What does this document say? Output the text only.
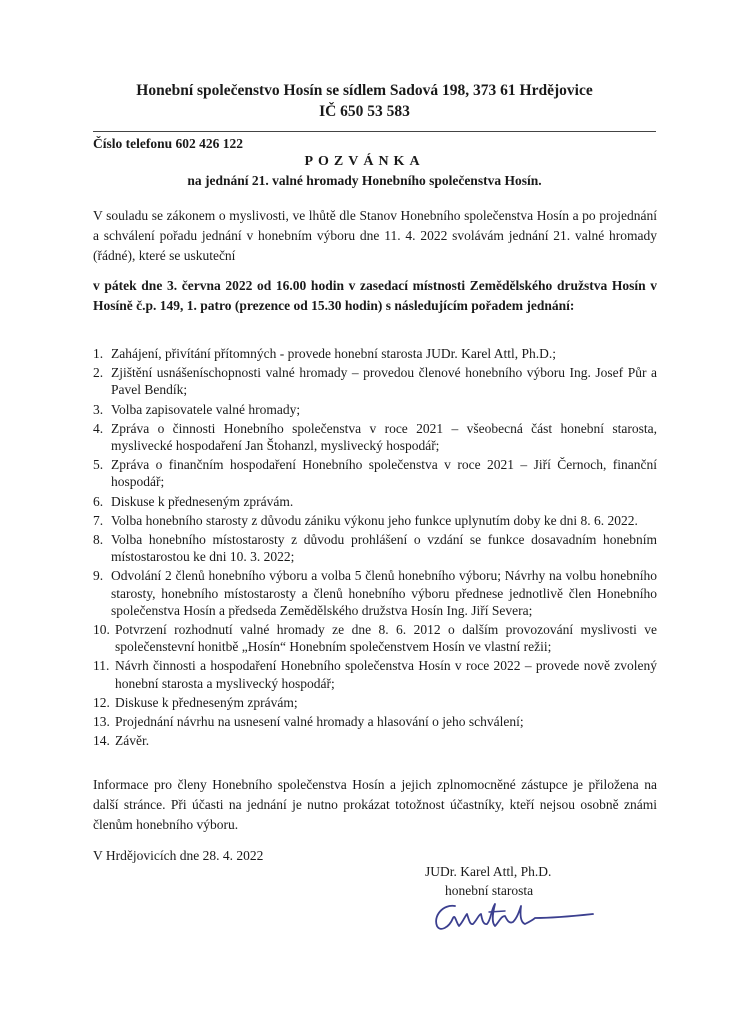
Honební společenstvo Hosín se sídlem Sadová 198, 373 61 Hrdějovice
IČ 650 53 583
Číslo telefonu 602 426 122
POZVÁNKA
na jednání 21. valné hromady Honebního společenstva Hosín.
V souladu se zákonem o myslivosti, ve lhůtě dle Stanov Honebního společenstva Hosín a po projednání a schválení pořadu jednání v honebním výboru dne 11. 4. 2022 svolávám jednání 21. valné hromady (řádné), které se uskuteční
v pátek dne 3. června 2022 od 16.00 hodin v zasedací místnosti Zemědělského družstva Hosín v Hosíně č.p. 149, 1. patro (prezence od 15.30 hodin) s následujícím pořadem jednání:
1. Zahájení, přivítání přítomných - provede honební starosta JUDr. Karel Attl, Ph.D.;
2. Zjištění usnášeníschopnosti valné hromady – provedou členové honebního výboru Ing. Josef Půr a Pavel Bendík;
3. Volba zapisovatele valné hromady;
4. Zpráva o činnosti Honebního společenstva v roce 2021 – všeobecná část honební starosta, myslivecké hospodaření Jan Štohanzl, myslivecký hospodář;
5. Zpráva o finančním hospodaření Honebního společenstva v roce 2021 – Jiří Černoch, finanční hospodář;
6. Diskuse k předneseným zprávám.
7. Volba honebního starosty z důvodu zániku výkonu jeho funkce uplynutím doby ke dni 8. 6. 2022.
8. Volba honebního místostarosty z důvodu prohlášení o vzdání se funkce dosavadním honebním místostarostou ke dni 10. 3. 2022;
9. Odvolání 2 členů honebního výboru a volba 5 členů honebního výboru; Návrhy na volbu honebního starosty, honebního místostarosty a členů honebního výboru přednese jednotlivě člen Honebního společenstva Hosín a předseda Zemědělského družstva Hosín Ing. Jiří Severa;
10. Potvrzení rozhodnutí valné hromady ze dne 8. 6. 2012 o dalším provozování myslivosti ve společenstevní honitbě „Hosín“ Honebním společenstvem Hosín ve vlastní režii;
11. Návrh činnosti a hospodaření Honebního společenstva Hosín v roce 2022 – provede nově zvolený honební starosta a myslivecký hospodář;
12. Diskuse k předneseným zprávám;
13. Projednání návrhu na usnesení valné hromady a hlasování o jeho schválení;
14. Závěr.
Informace pro členy Honebního společenstva Hosín a jejich zplnomocněné zástupce je přiložena na další stránce. Při účasti na jednání je nutno prokázat totožnost účastníky, kteří nejsou osobně známi členům honebního výboru.
V Hrdějovicích dne 28. 4. 2022
JUDr. Karel Attl, Ph.D.
honební starosta
